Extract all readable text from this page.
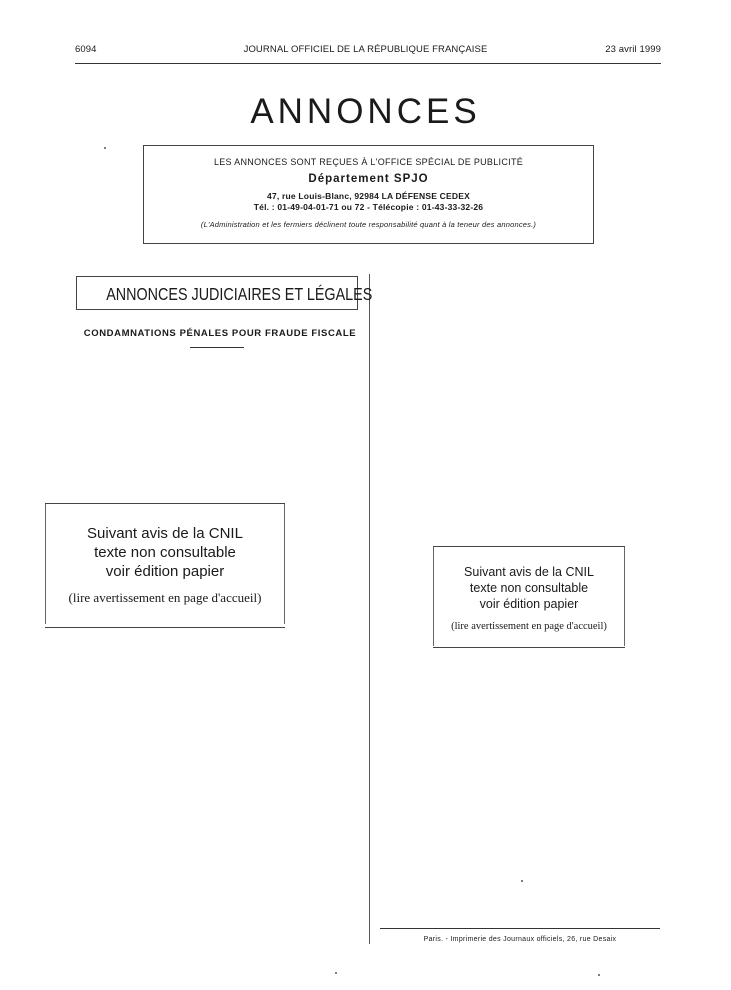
6094	JOURNAL OFFICIEL DE LA RÉPUBLIQUE FRANÇAISE	23 avril 1999
ANNONCES
LES ANNONCES SONT REÇUES À L'OFFICE SPÉCIAL DE PUBLICITÉ
Département SPJO
47, rue Louis-Blanc, 92984 LA DÉFENSE CEDEX
Tél. : 01-49-04-01-71 ou 72 - Télécopie : 01-43-33-32-26
(L'Administration et les fermiers déclinent toute responsabilité quant à la teneur des annonces.)
ANNONCES JUDICIAIRES ET LÉGALES
CONDAMNATIONS PÉNALES POUR FRAUDE FISCALE
Suivant avis de la CNIL
texte non consultable
voir édition papier
(lire avertissement en page d'accueil)
Suivant avis de la CNIL
texte non consultable
voir édition papier
(lire avertissement en page d'accueil)
Paris. - Imprimerie des Journaux officiels, 26, rue Desaix
